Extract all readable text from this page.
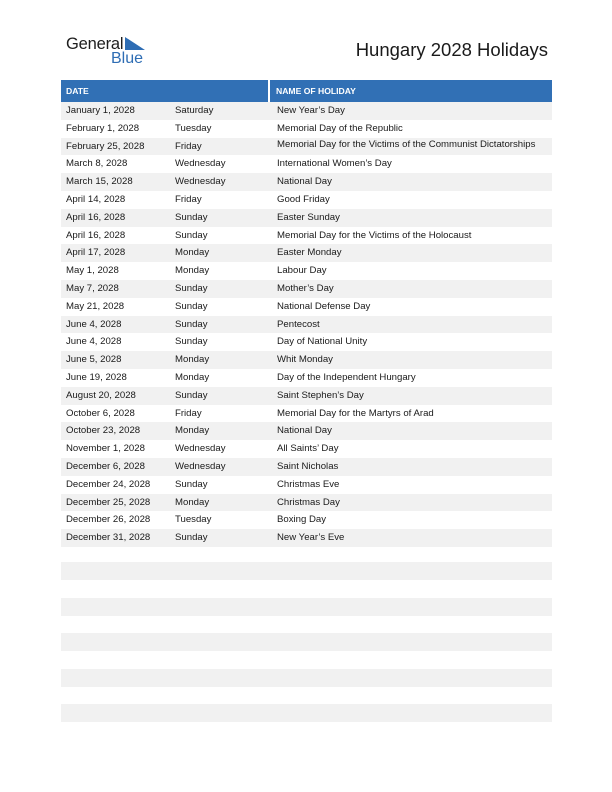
General
Blue	Hungary 2028 Holidays
DATE	NAME OF HOLIDAY
January 1, 2028	Saturday	New Year’s Day
February 1, 2028	Tuesday	Memorial Day of the Republic
February 25, 2028	Friday	Memorial Day for the Victims of the Communist Dictatorships
March 8, 2028	Wednesday	International Women’s Day
March 15, 2028	Wednesday	National Day
April 14, 2028	Friday	Good Friday
April 16, 2028	Sunday	Easter Sunday
April 16, 2028	Sunday	Memorial Day for the Victims of the Holocaust
April 17, 2028	Monday	Easter Monday
May 1, 2028	Monday	Labour Day
May 7, 2028	Sunday	Mother’s Day
May 21, 2028	Sunday	National Defense Day
June 4, 2028	Sunday	Pentecost
June 4, 2028	Sunday	Day of National Unity
June 5, 2028	Monday	Whit Monday
June 19, 2028	Monday	Day of the Independent Hungary
August 20, 2028	Sunday	Saint Stephen’s Day
October 6, 2028	Friday	Memorial Day for the Martyrs of Arad
October 23, 2028	Monday	National Day
November 1, 2028	Wednesday	All Saints’ Day
December 6, 2028	Wednesday	Saint Nicholas
December 24, 2028	Sunday	Christmas Eve
December 25, 2028	Monday	Christmas Day
December 26, 2028	Tuesday	Boxing Day
December 31, 2028	Sunday	New Year’s Eve
